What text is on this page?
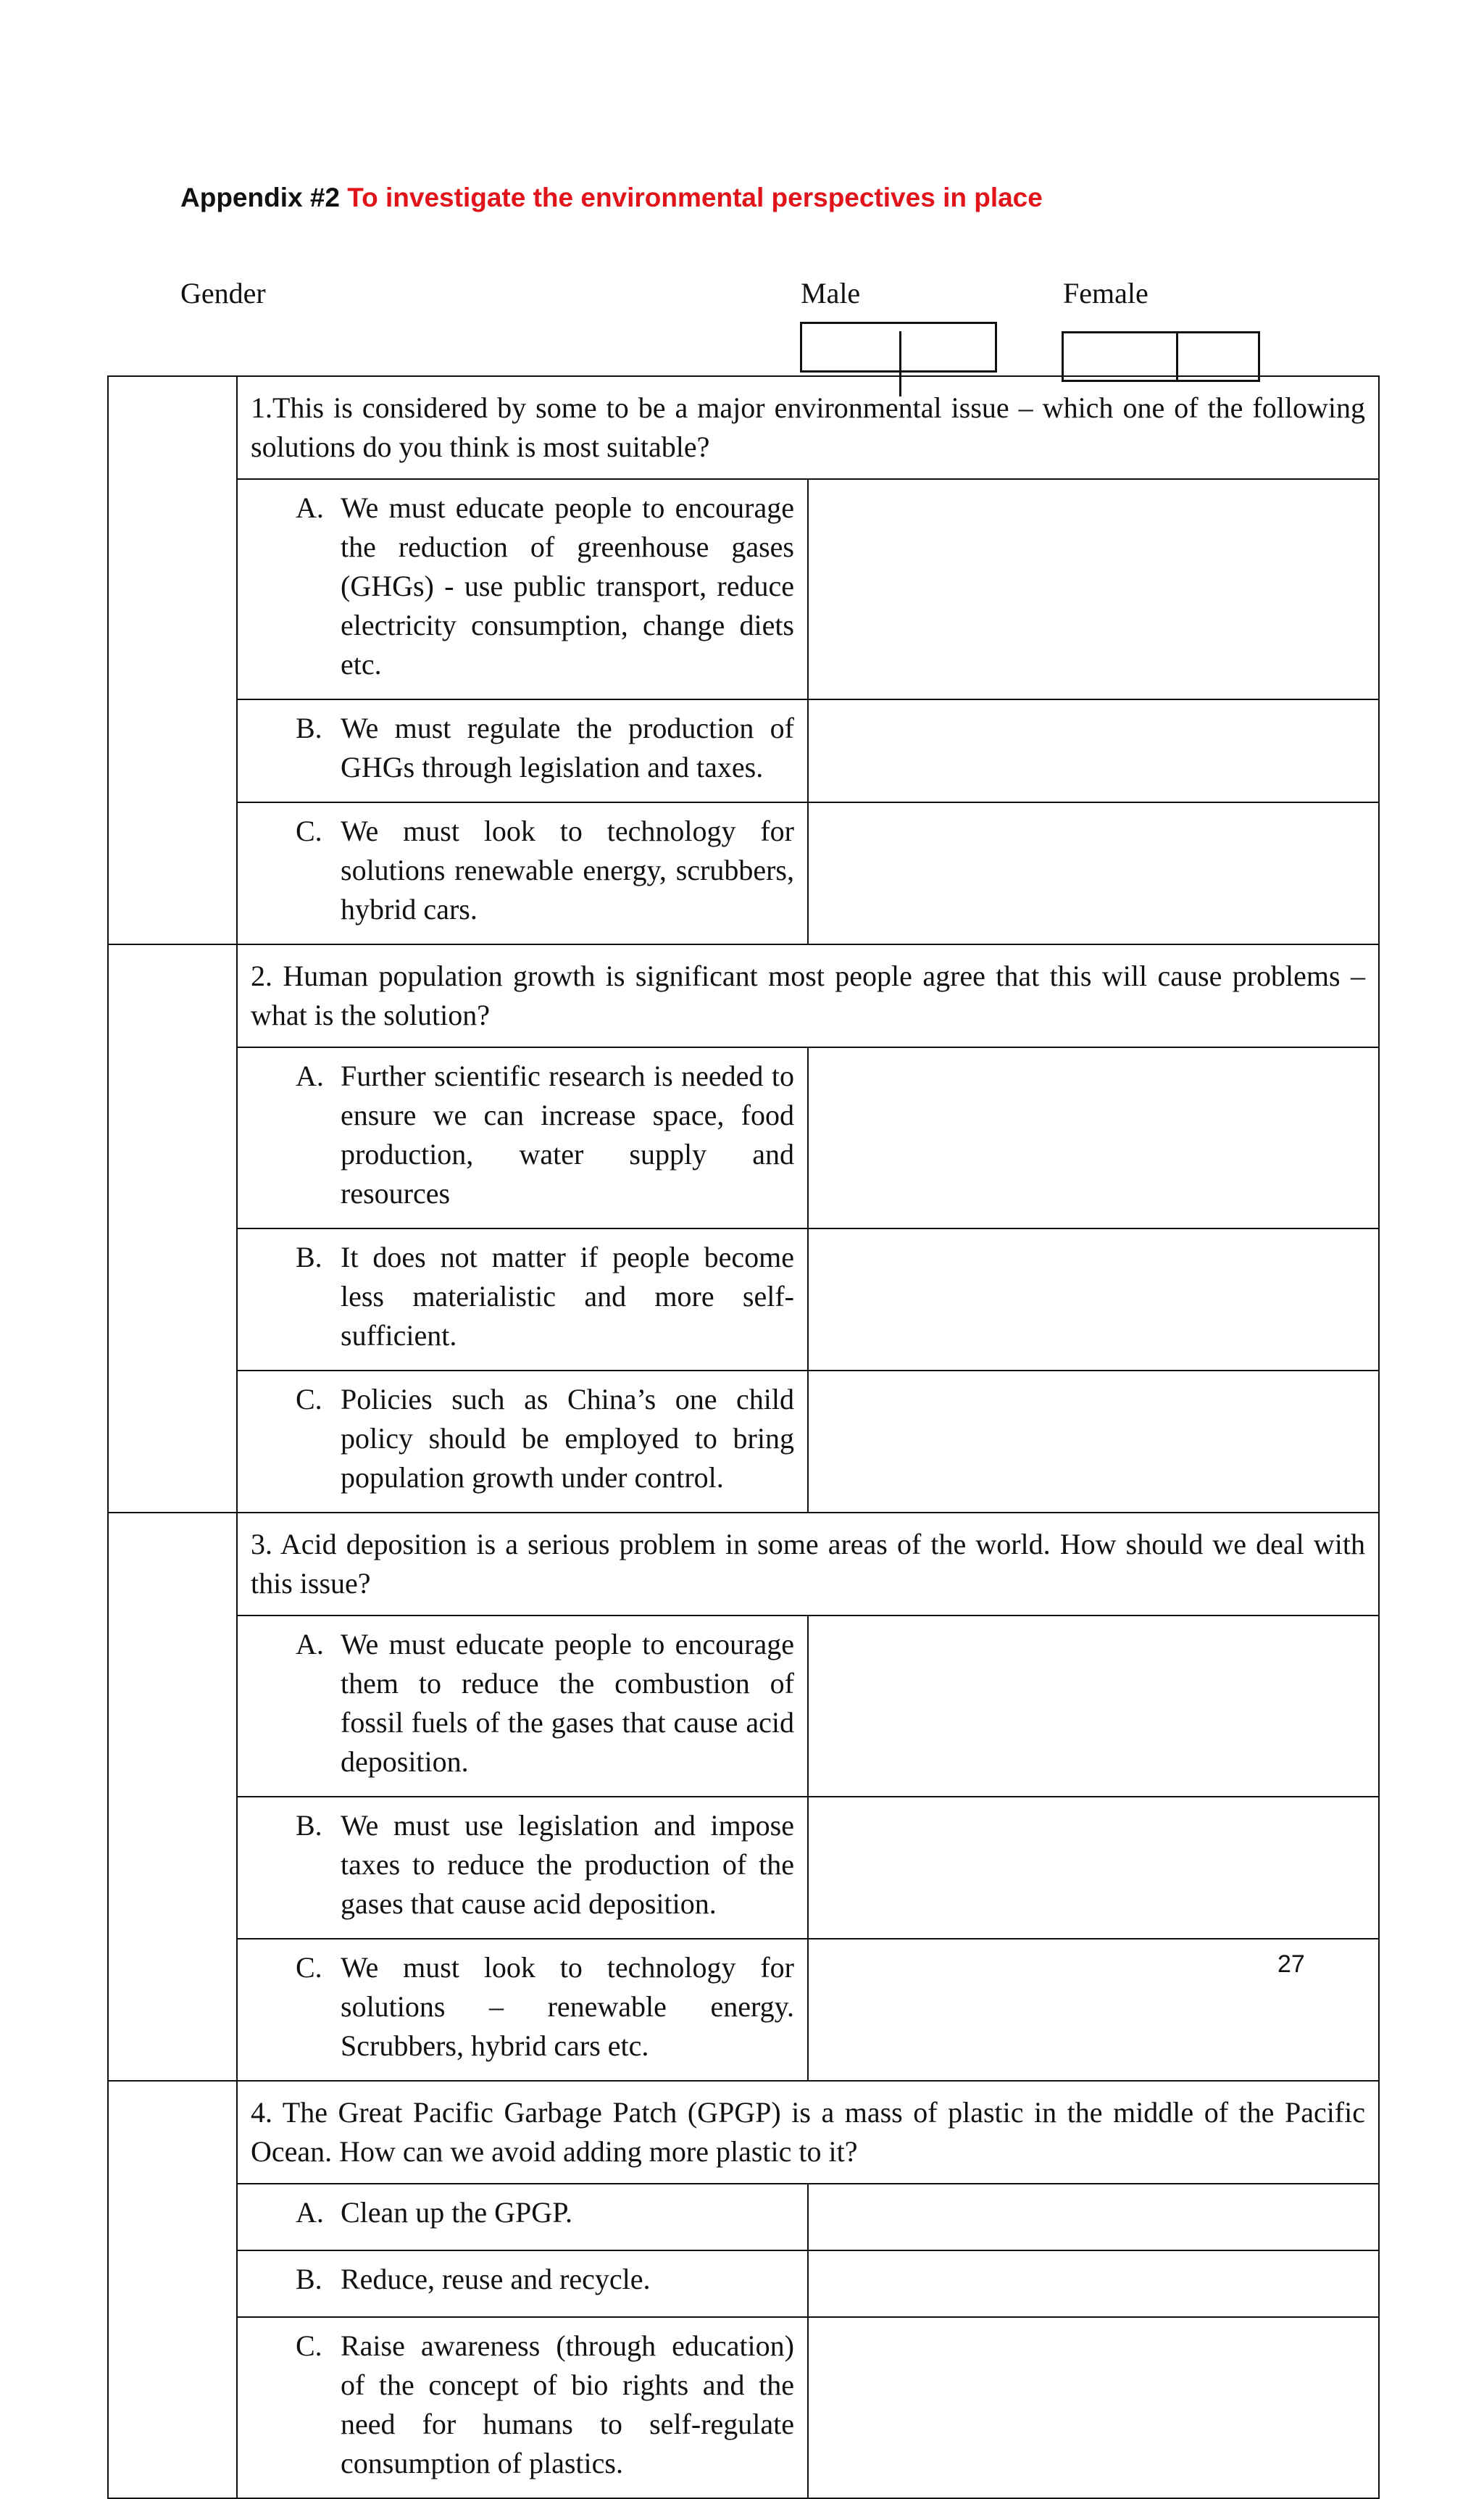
Appendix #2 To investigate the environmental perspectives in place
Gender	Male	Female

	1.This is considered by some to be a major environmental issue – which one of the following solutions do you think is most suitable?	

	A. We must educate people to encourage the reduction of greenhouse gases (GHGs) - use public transport, reduce electricity consumption, change diets etc.	

	B. We must regulate the production of GHGs through legislation and taxes.	

	C. We must look to technology for solutions renewable energy, scrubbers, hybrid cars.	

	2. Human population growth is significant most people agree that this will cause problems – what is the solution?	

	A. Further scientific research is needed to ensure we can increase space, food production, water supply and resources	

	B. It does not matter if people become less materialistic and more self-sufficient.	

	C. Policies such as China’s one child policy should be employed to bring population growth under control.	

	3. Acid deposition is a serious problem in some areas of the world. How should we deal with this issue?	

	A. We must educate people to encourage them to reduce the combustion of fossil fuels of the gases that cause acid deposition.	

	B. We must use legislation and impose taxes to reduce the production of the gases that cause acid deposition.	

	C. We must look to technology for solutions – renewable energy. Scrubbers, hybrid cars etc.	

	4. The Great Pacific Garbage Patch (GPGP) is a mass of plastic in the middle of the Pacific Ocean. How can we avoid adding more plastic to it?	

	A. Clean up the GPGP.	

	B. Reduce, reuse and recycle.	

	C. Raise awareness (through education) of the concept of bio rights and the need for humans to self-regulate consumption of plastics.	

27
